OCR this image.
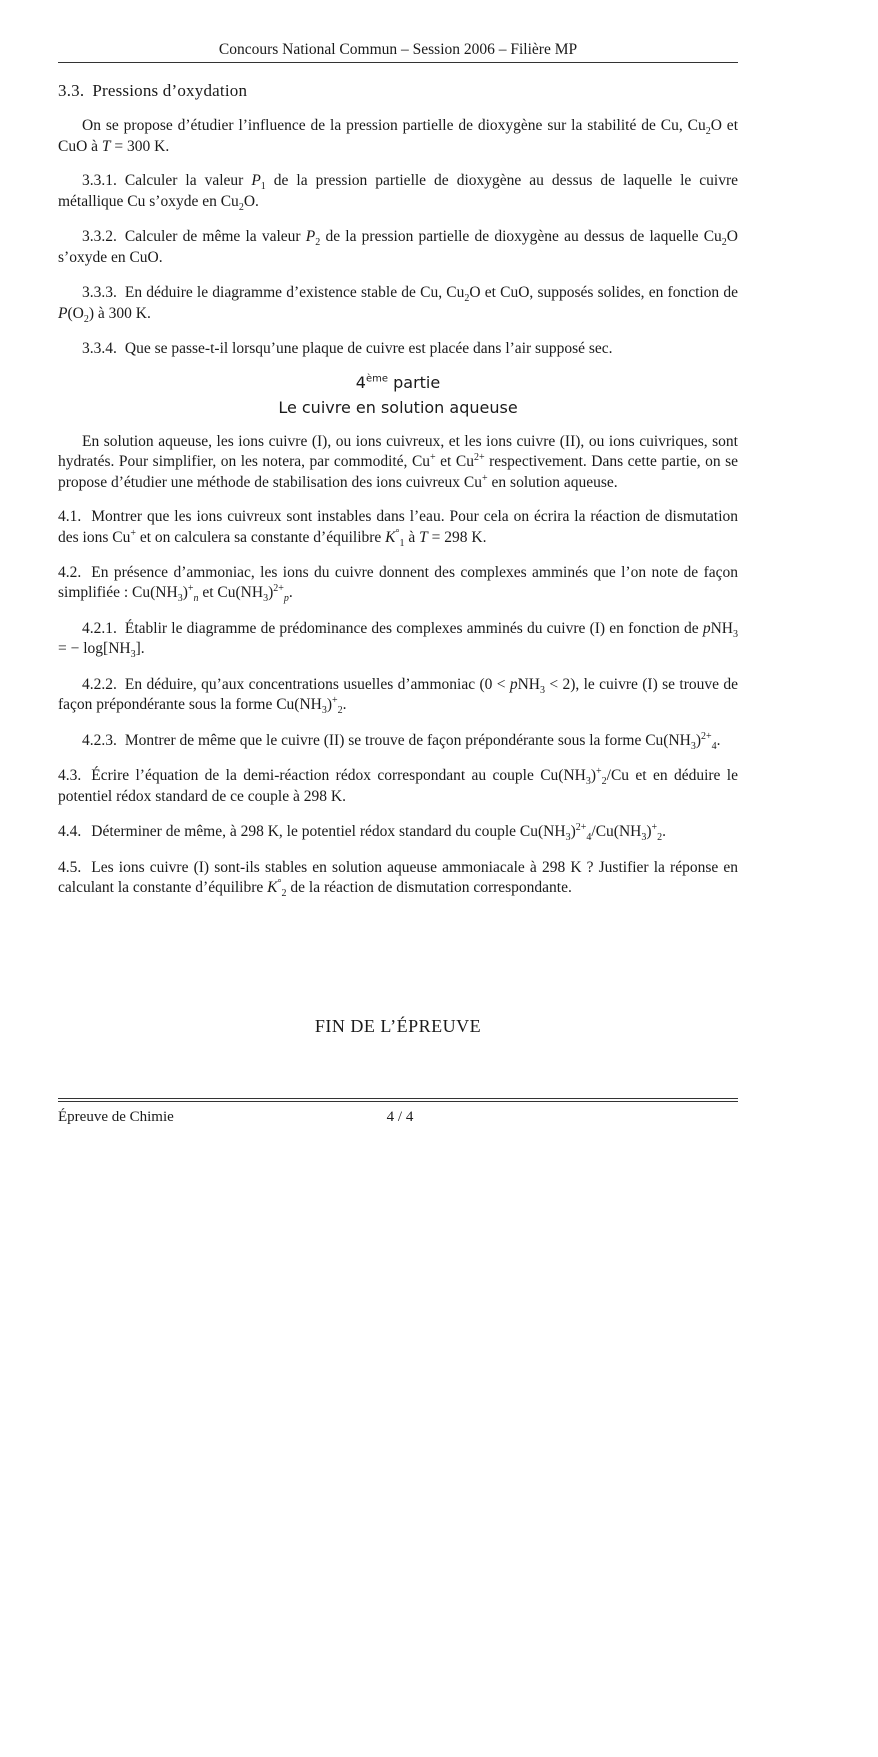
Concours National Commun – Session 2006 – Filière MP
3.3. Pressions d’oxydation

On se propose d’étudier l’influence de la pression partielle de dioxygène sur la stabilité de Cu, $Cu_2O$ et CuO à T = 300 K.

3.3.1. Calculer la valeur $P_1$ de la pression partielle de dioxygène au dessus de laquelle le cuivre métallique Cu s’oxyde en $Cu_2O$.

3.3.2. Calculer de même la valeur $P_2$ de la pression partielle de dioxygène au dessus de laquelle $Cu_2O$ s’oxyde en CuO.

3.3.3. En déduire le diagramme d’existence stable de Cu, $Cu_2O$ et CuO, supposés solides, en fonction de $P(O_2)$ à 300 K.

3.3.4. Que se passe-t-il lorsqu’une plaque de cuivre est placée dans l’air supposé sec.

4ème partie
Le cuivre en solution aqueuse

En solution aqueuse, les ions cuivre (I), ou ions cuivreux, et les ions cuivre (II), ou ions cuivriques, sont hydratés. Pour simplifier, on les notera, par commodité, Cu+ et $Cu^{2+}$ respectivement. Dans cette partie, on se propose d’étudier une méthode de stabilisation des ions cuivreux Cu+ en solution aqueuse.

4.1. Montrer que les ions cuivreux sont instables dans l’eau. Pour cela on écrira la réaction de dismutation des ions Cu+ et on calculera sa constante d’équilibre $K^\circ_1$ à T = 298 K.

4.2. En présence d’ammoniac, les ions du cuivre donnent des complexes amminés que l’on note de façon simplifiée : $Cu(NH_3)^+_n$ et $Cu(NH_3)^{2+}_p$.

4.2.1. Établir le diagramme de prédominance des complexes amminés du cuivre (I) en fonction de pNH$_3$ = − $\log[NH_3]$.

4.2.2. En déduire, qu’aux concentrations usuelles d’ammoniac (0 < pNH$_3$ < 2), le cuivre (I) se trouve de façon prépondérante sous la forme $Cu(NH_3)^+_2$.

4.2.3. Montrer de même que le cuivre (II) se trouve de façon prépondérante sous la forme $Cu(NH_3)^{2+}_4$.

4.3. Écrire l’équation de la demi-réaction rédox correspondant au couple $Cu(NH_3)^+_2/Cu$ et en déduire le potentiel rédox standard de ce couple à 298 K.

4.4. Déterminer de même, à 298 K, le potentiel rédox standard du couple $Cu(NH_3)^{2+}_4/Cu(NH_3)^+_2$.

4.5. Les ions cuivre (I) sont-ils stables en solution aqueuse ammoniacale à 298 K ? Justifier la réponse en calculant la constante d’équilibre $K^\circ_2$ de la réaction de dismutation correspondante.

FIN DE L’ÉPREUVE
Épreuve de Chimie	4 / 4
